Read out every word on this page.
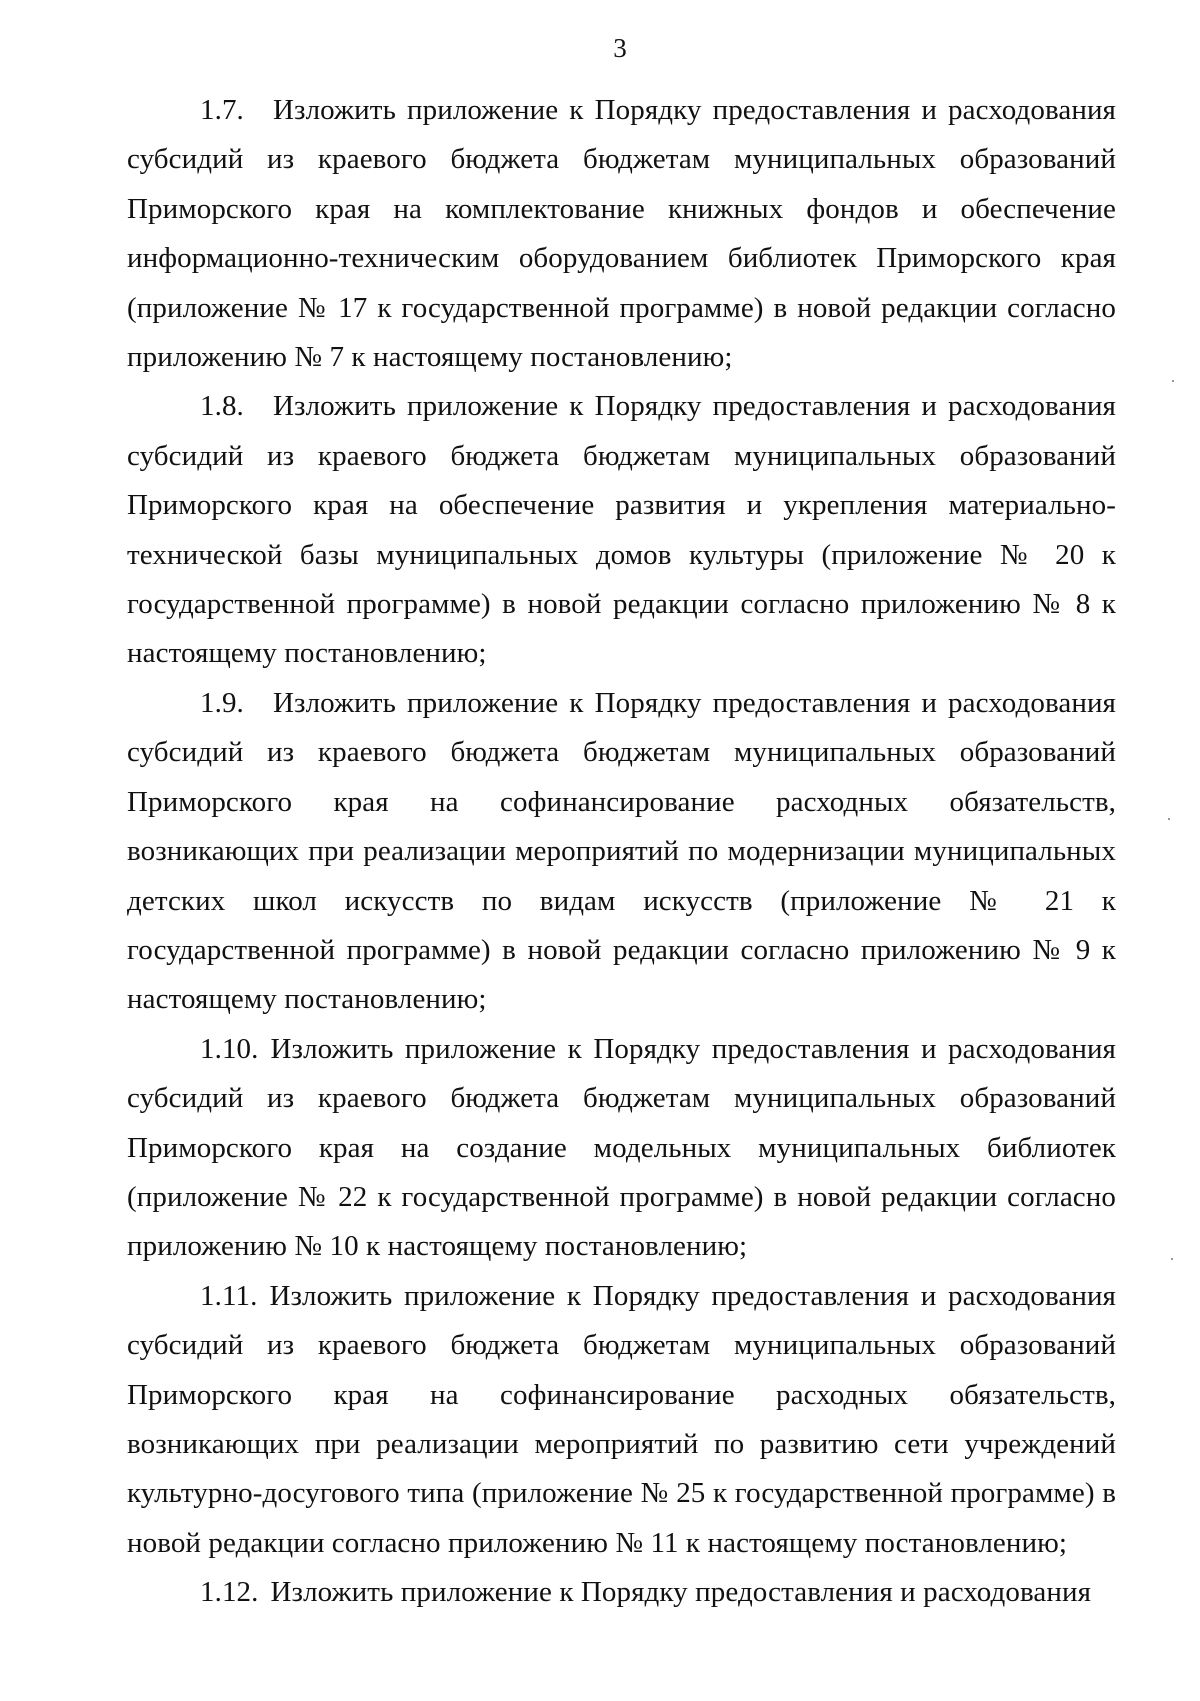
3

1.7. Изложить приложение к Порядку предоставления и расходования субсидий из краевого бюджета бюджетам муниципальных образований Приморского края на комплектование книжных фондов и обеспечение информационно-техническим оборудованием библиотек Приморского края (приложение № 17 к государственной программе) в новой редакции согласно приложению № 7 к настоящему постановлению;

1.8. Изложить приложение к Порядку предоставления и расходования субсидий из краевого бюджета бюджетам муниципальных образований Приморского края на обеспечение развития и укрепления материально-технической базы муниципальных домов культуры (приложение № 20 к государственной программе) в новой редакции согласно приложению № 8 к настоящему постановлению;

1.9. Изложить приложение к Порядку предоставления и расходования субсидий из краевого бюджета бюджетам муниципальных образований Приморского края на софинансирование расходных обязательств, возникающих при реализации мероприятий по модернизации муниципальных детских школ искусств по видам искусств (приложение № 21 к государственной программе) в новой редакции согласно приложению № 9 к настоящему постановлению;

1.10. Изложить приложение к Порядку предоставления и расходования субсидий из краевого бюджета бюджетам муниципальных образований Приморского края на создание модельных муниципальных библиотек (приложение № 22 к государственной программе) в новой редакции согласно приложению № 10 к настоящему постановлению;

1.11. Изложить приложение к Порядку предоставления и расходования субсидий из краевого бюджета бюджетам муниципальных образований Приморского края на софинансирование расходных обязательств, возникающих при реализации мероприятий по развитию сети учреждений культурно-досугового типа (приложение № 25 к государственной программе) в новой редакции согласно приложению № 11 к настоящему постановлению;

1.12. Изложить приложение к Порядку предоставления и расходования
